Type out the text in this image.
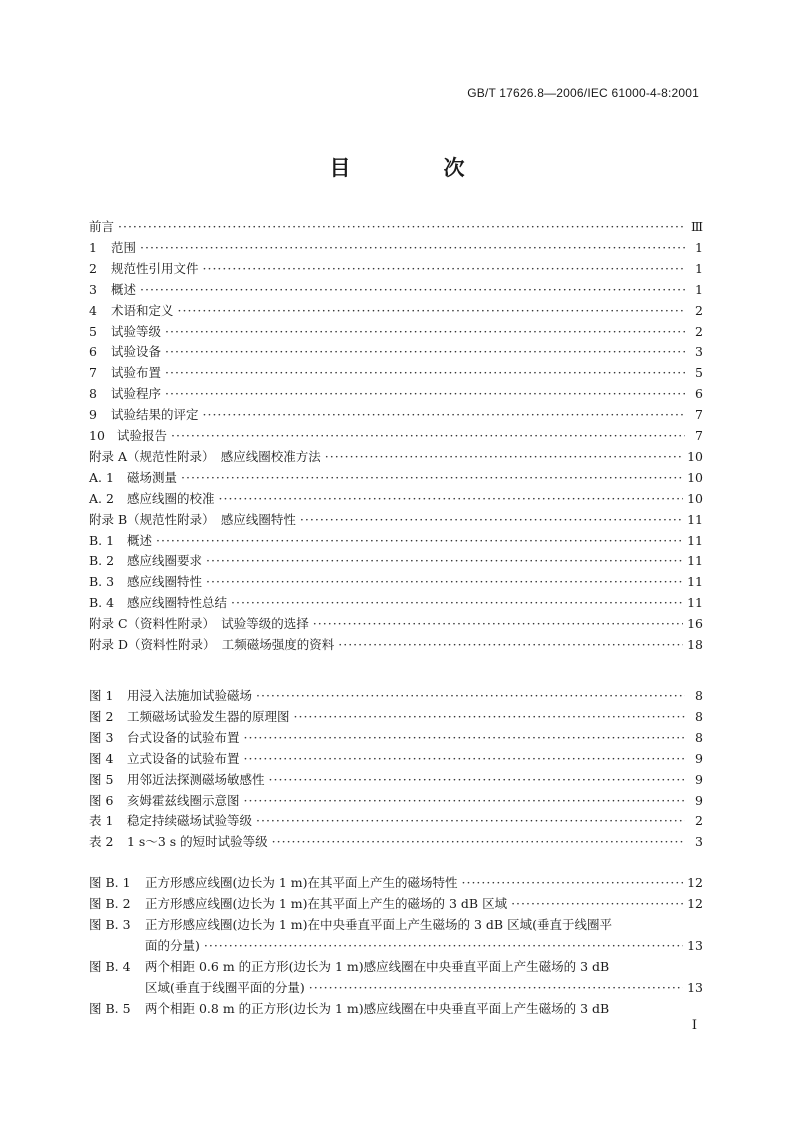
GB/T 17626.8—2006/IEC 61000-4-8:2001
目　次
前言 ·····	Ⅲ
1 范围 ·····	1
2 规范性引用文件 ·····	1
3 概述 ·····	1
4 术语和定义 ·····	2
5 试验等级 ·····	2
6 试验设备 ·····	3
7 试验布置 ·····	5
8 试验程序 ·····	6
9 试验结果的评定 ·····	7
10 试验报告 ·····	7
附录 A（规范性附录）　感应线圈校准方法 ·····	10
A. 1 磁场测量 ·····	10
A. 2 感应线圈的校准 ·····	10
附录 B（规范性附录）　感应线圈特性 ·····	11
B. 1 概述 ·····	11
B. 2 感应线圈要求 ·····	11
B. 3 感应线圈特性 ·····	11
B. 4 感应线圈特性总结 ·····	11
附录 C（资料性附录）　试验等级的选择 ·····	16
附录 D（资料性附录）　工频磁场强度的资料 ·····	18
图 1 用浸入法施加试验磁场 ·····	8
图 2 工频磁场试验发生器的原理图 ·····	8
图 3 台式设备的试验布置 ·····	8
图 4 立式设备的试验布置 ·····	9
图 5 用邻近法探测磁场敏感性 ·····	9
图 6 亥姆霍兹线圈示意图 ·····	9
表 1 稳定持续磁场试验等级 ·····	2
表 2 1 s～3 s 的短时试验等级 ·····	3
图 B. 1 正方形感应线圈(边长为 1 m)在其平面上产生的磁场特性 ·····	12
图 B. 2 正方形感应线圈(边长为 1 m)在其平面上产生的磁场的 3 dB 区域 ·····	12
图 B. 3 正方形感应线圈(边长为 1 m)在中央垂直平面上产生磁场的 3 dB 区域(垂直于线圈平
面的分量) ·····	13
图 B. 4 两个相距 0.6 m 的正方形(边长为 1 m)感应线圈在中央垂直平面上产生磁场的 3 dB
区域(垂直于线圈平面的分量) ·····	13
图 B. 5 两个相距 0.8 m 的正方形(边长为 1 m)感应线圈在中央垂直平面上产生磁场的 3 dB
I
